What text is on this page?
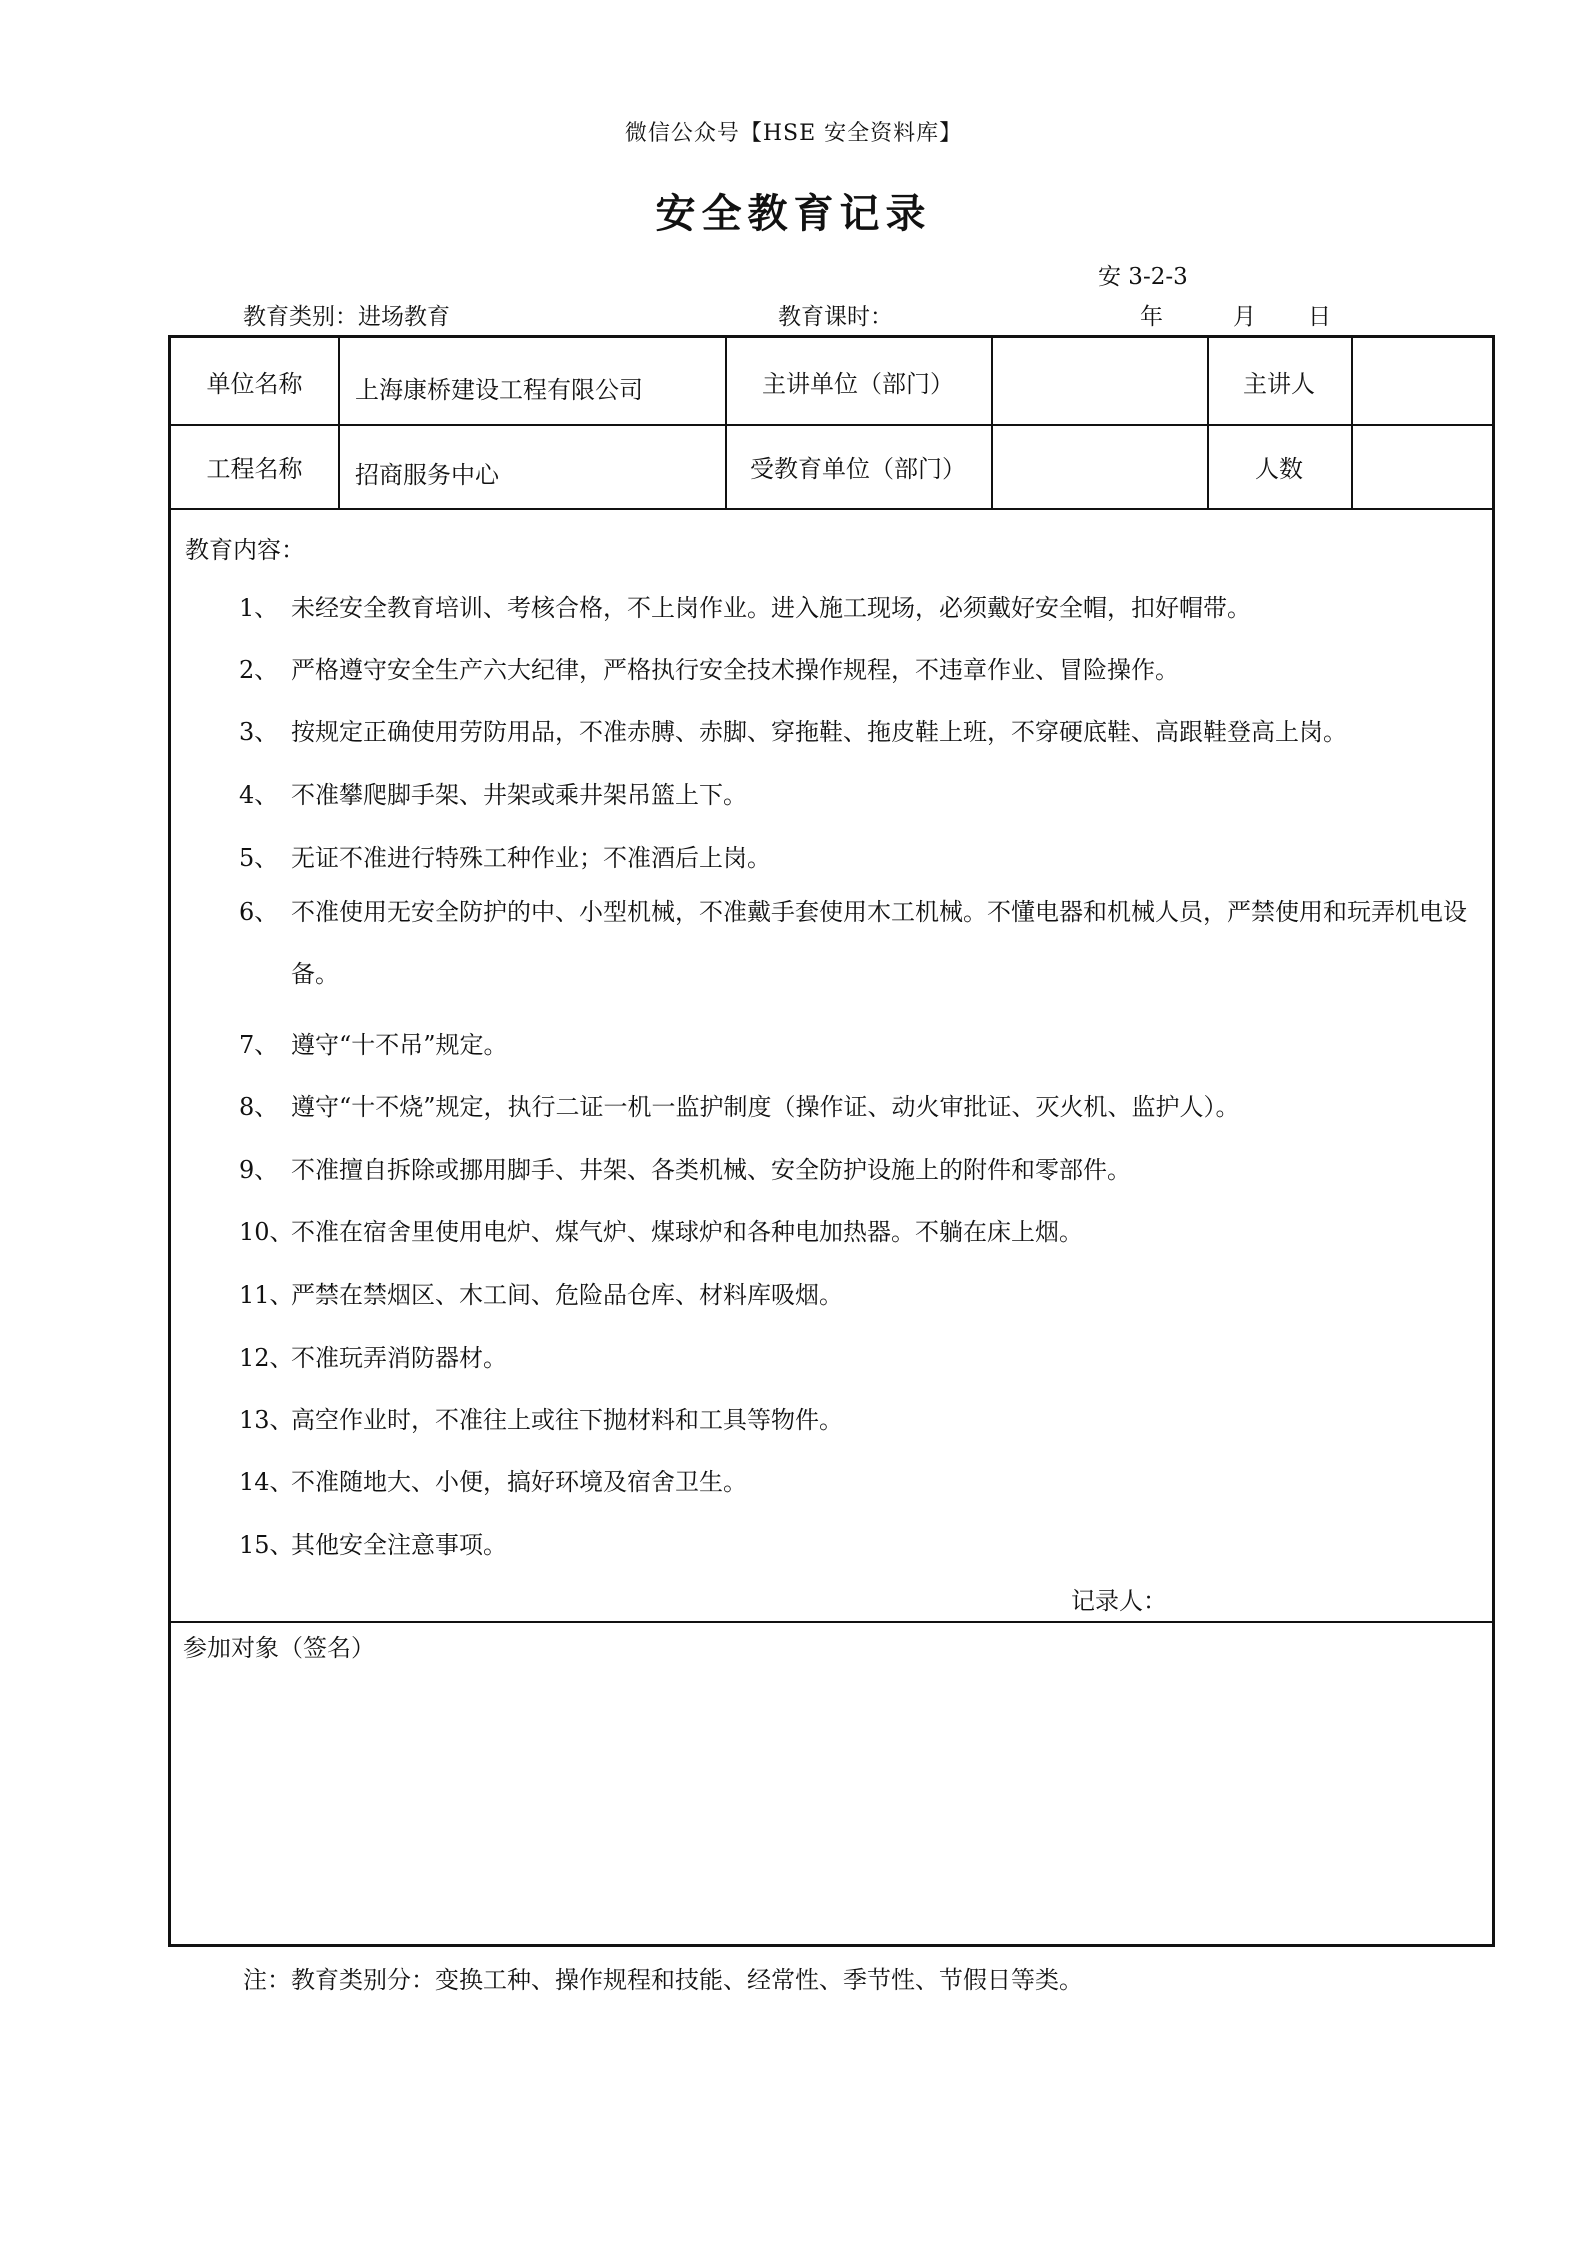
微信公众号【HSE 安全资料库】
安全教育记录
安 3-2-3
教育类别：进场教育	教育课时：	年	月 日
单位名称	上海康桥建设工程有限公司	主讲单位（部门）	主讲人
工程名称	招商服务中心	受教育单位（部门）	人数
教育内容：
1、 未经安全教育培训、考核合格，不上岗作业。进入施工现场，必须戴好安全帽，扣好帽带。
2、 严格遵守安全生产六大纪律，严格执行安全技术操作规程，不违章作业、冒险操作。
3、 按规定正确使用劳防用品，不准赤膊、赤脚、穿拖鞋、拖皮鞋上班，不穿硬底鞋、高跟鞋登高上岗。
4、 不准攀爬脚手架、井架或乘井架吊篮上下。
5、 无证不准进行特殊工种作业；不准酒后上岗。
6、 不准使用无安全防护的中、小型机械，不准戴手套使用木工机械。不懂电器和机械人员，严禁使用和玩弄机电设备。
7、 遵守“十不吊”规定。
8、 遵守“十不烧”规定，执行二证一机一监护制度（操作证、动火审批证、灭火机、监护人）。
9、 不准擅自拆除或挪用脚手、井架、各类机械、安全防护设施上的附件和零部件。
10、
不准在宿舍里使用电炉、煤气炉、煤球炉和各种电加热器。不躺在床上烟。
11、
严禁在禁烟区、木工间、危险品仓库、材料库吸烟。
12、
不准玩弄消防器材。
13、
高空作业时，不准往上或往下抛材料和工具等物件。
14、
不准随地大、小便，搞好环境及宿舍卫生。
15、
其他安全注意事项。
记录人：
参加对象（签名）
注：教育类别分：变换工种、操作规程和技能、经常性、季节性、节假日等类。
